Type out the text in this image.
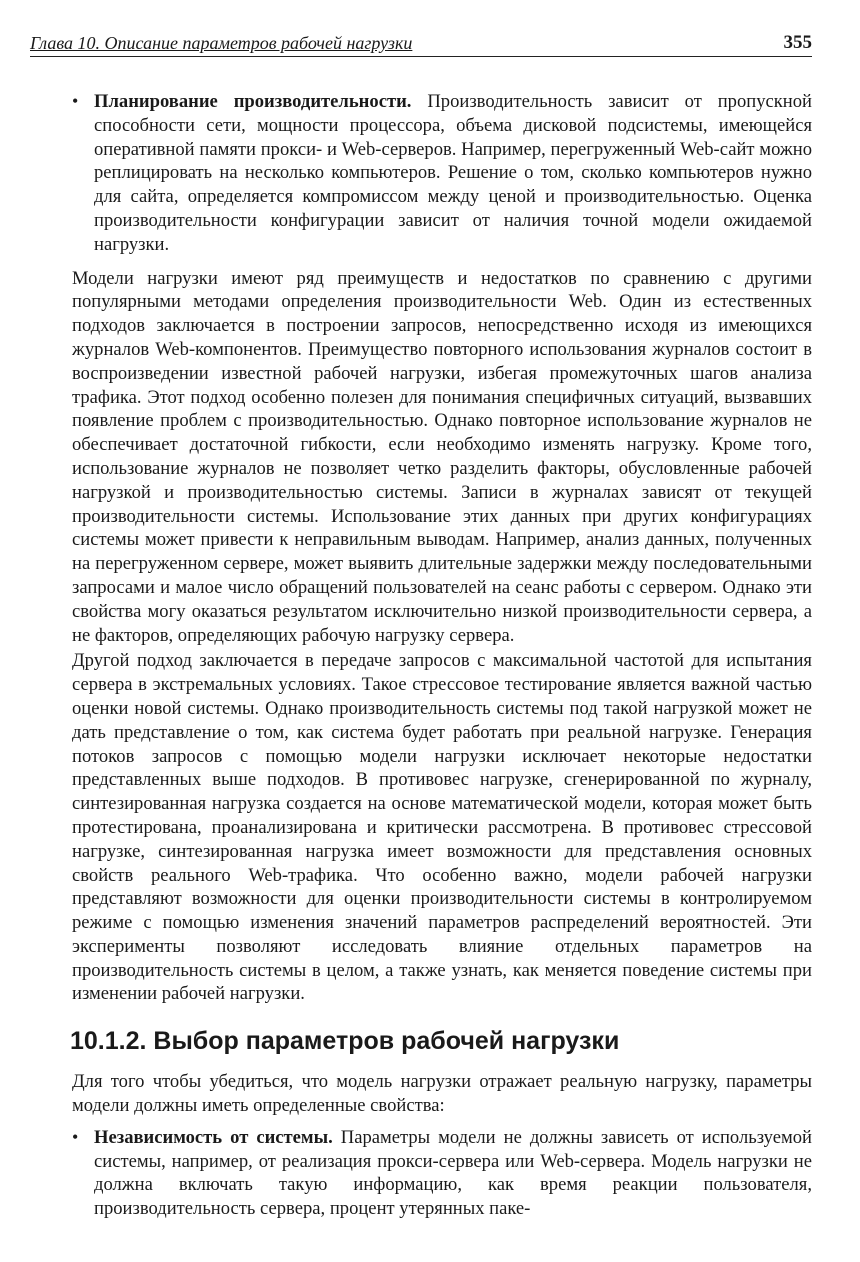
Глава 10. Описание параметров рабочей нагрузки	355
• Планирование производительности. Производительность зависит от пропускной способности сети, мощности процессора, объема дисковой подсистемы, имеющейся оперативной памяти прокси- и Web-серверов. Например, перегруженный Web-сайт можно реплицировать на несколько компьютеров. Решение о том, сколько компьютеров нужно для сайта, определяется компромиссом между ценой и производительностью. Оценка производительности конфигурации зависит от наличия точной модели ожидаемой нагрузки.

Модели нагрузки имеют ряд преимуществ и недостатков по сравнению с другими популярными методами определения производительности Web. Один из естественных подходов заключается в построении запросов, непосредственно исходя из имеющихся журналов Web-компонентов. Преимущество повторного использования журналов состоит в воспроизведении известной рабочей нагрузки, избегая промежуточных шагов анализа трафика. Этот подход особенно полезен для понимания специфичных ситуаций, вызвавших появление проблем с производительностью. Однако повторное использование журналов не обеспечивает достаточной гибкости, если необходимо изменять нагрузку. Кроме того, использование журналов не позволяет четко разделить факторы, обусловленные рабочей нагрузкой и производительностью системы. Записи в журналах зависят от текущей производительности системы. Использование этих данных при других конфигурациях системы может привести к неправильным выводам. Например, анализ данных, полученных на перегруженном сервере, может выявить длительные задержки между последовательными запросами и малое число обращений пользователей на сеанс работы с сервером. Однако эти свойства могу оказаться результатом исключительно низкой производительности сервера, а не факторов, определяющих рабочую нагрузку сервера.

Другой подход заключается в передаче запросов с максимальной частотой для испытания сервера в экстремальных условиях. Такое стрессовое тестирование является важной частью оценки новой системы. Однако производительность системы под такой нагрузкой может не дать представление о том, как система будет работать при реальной нагрузке. Генерация потоков запросов с помощью модели нагрузки исключает некоторые недостатки представленных выше подходов. В противовес нагрузке, сгенерированной по журналу, синтезированная нагрузка создается на основе математической модели, которая может быть протестирована, проанализирована и критически рассмотрена. В противовес стрессовой нагрузке, синтезированная нагрузка имеет возможности для представления основных свойств реального Web-трафика. Что особенно важно, модели рабочей нагрузки представляют возможности для оценки производительности системы в контролируемом режиме с помощью изменения значений параметров распределений вероятностей. Эти эксперименты позволяют исследовать влияние отдельных параметров на производительность системы в целом, а также узнать, как меняется поведение системы при изменении рабочей нагрузки.

10.1.2. Выбор параметров рабочей нагрузки

Для того чтобы убедиться, что модель нагрузки отражает реальную нагрузку, параметры модели должны иметь определенные свойства:

• Независимость от системы. Параметры модели не должны зависеть от используемой системы, например, от реализация прокси-сервера или Web-сервера. Модель нагрузки не должна включать такую информацию, как время реакции пользователя, производительность сервера, процент утерянных паке-
